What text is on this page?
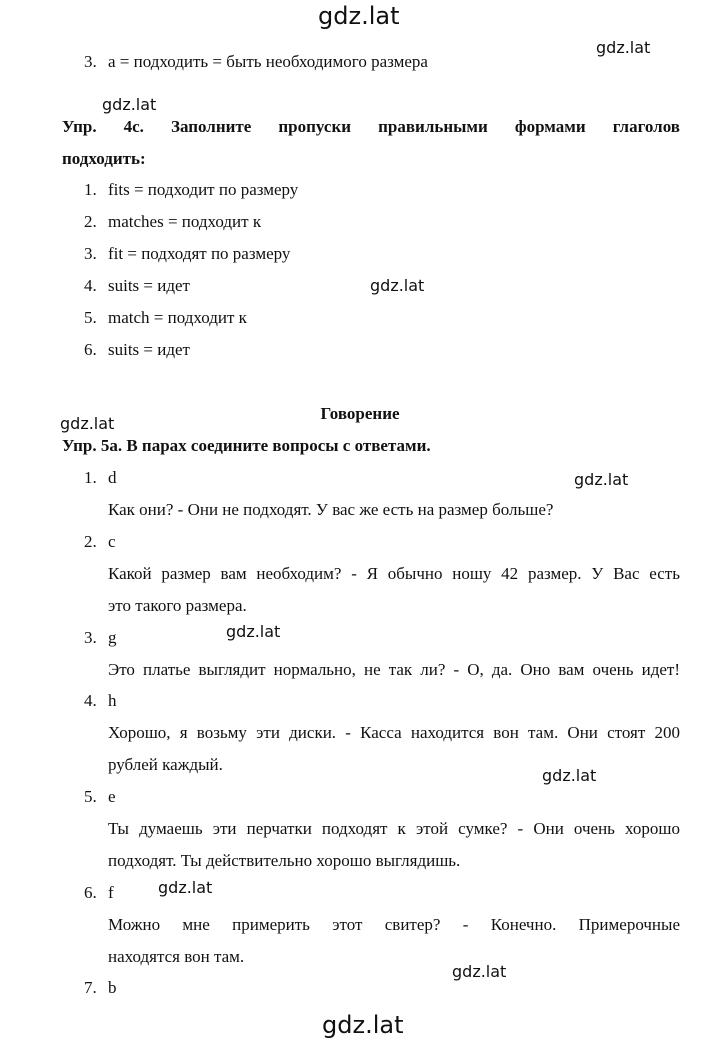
gdz.lat
gdz.lat
gdz.lat
gdz.lat
gdz.lat
gdz.lat
gdz.lat
gdz.lat
gdz.lat
gdz.lat
gdz.lat
3. a = подходить = быть необходимого размера
Упр. 4с. Заполните пропуски правильными формами глаголов
подходить:
1. fits = подходит по размеру
2. matches = подходит к
3. fit = подходят по размеру
4. suits = идет
5. match = подходит к
6. suits = идет
Говорение
Упр. 5а. В парах соедините вопросы с ответами.
1. d
Как они? - Они не подходят. У вас же есть на размер больше?
2. c
Какой размер вам необходим? - Я обычно ношу 42 размер. У Вас есть
это такого размера.
3. g
Это платье выглядит нормально, не так ли? - О, да. Оно вам очень идет!
4. h
Хорошо, я возьму эти диски. - Касса находится вон там. Они стоят 200
рублей каждый.
5. e
Ты думаешь эти перчатки подходят к этой сумке? - Они очень хорошо
подходят. Ты действительно хорошо выглядишь.
6. f
Можно мне примерить этот свитер? - Конечно. Примерочные
находятся вон там.
7. b
